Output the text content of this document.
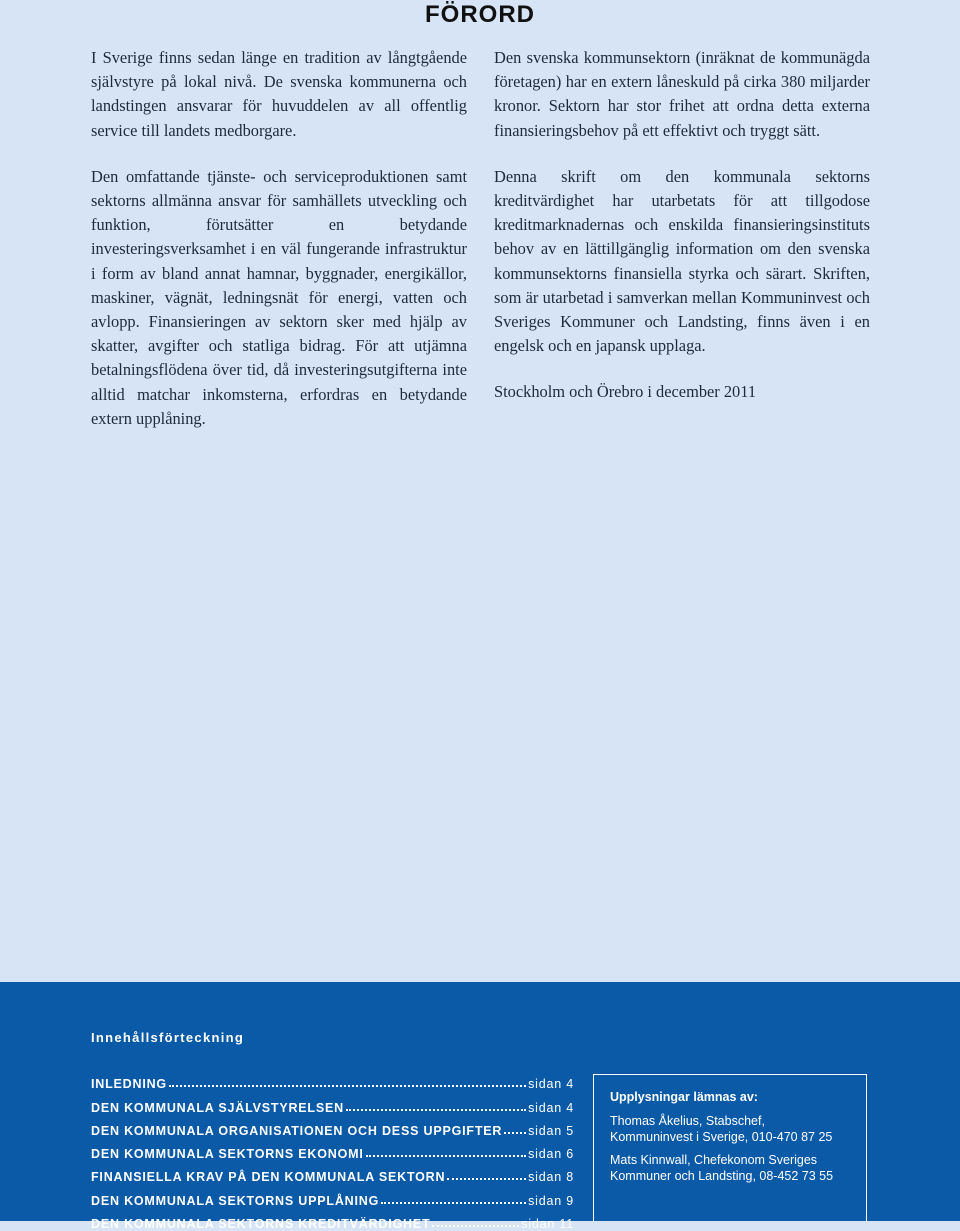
FÖRORD

I Sverige finns sedan länge en tradition av långtgående självstyre på lokal nivå. De svenska kommunerna och landstingen ansvarar för huvuddelen av all offentlig service till landets medborgare.

Den omfattande tjänste- och serviceproduktionen samt sektorns allmänna ansvar för samhällets utveckling och funktion, förutsätter en betydande investeringsverksamhet i en väl fungerande infrastruktur i form av bland annat hamnar, byggnader, energikällor, maskiner, vägnät, ledningsnät för energi, vatten och avlopp. Finansieringen av sektorn sker med hjälp av skatter, avgifter och statliga bidrag. För att utjämna betalningsflödena över tid, då investeringsutgifterna inte alltid matchar inkomsterna, erfordras en betydande extern upplåning.

Den svenska kommunsektorn (inräknat de kommunägda företagen) har en extern låneskuld på cirka 380 miljarder kronor. Sektorn har stor frihet att ordna detta externa finansieringsbehov på ett effektivt och tryggt sätt.

Denna skrift om den kommunala sektorns kreditvärdighet har utarbetats för att tillgodose kreditmarknadernas och enskilda finansieringsinstituts behov av en lättillgänglig information om den svenska kommunsektorns finansiella styrka och särart. Skriften, som är utarbetad i samverkan mellan Kommuninvest och Sveriges Kommuner och Landsting, finns även i en engelsk och en japansk upplaga.

Stockholm och Örebro i december 2011

Innehållsförteckning
INLEDNING	sidan 4
DEN KOMMUNALA SJÄLVSTYRELSEN	sidan 4
DEN KOMMUNALA ORGANISATIONEN OCH DESS UPPGIFTER sidan 5
DEN KOMMUNALA SEKTORNS EKONOMI	sidan 6
FINANSIELLA KRAV PÅ DEN KOMMUNALA SEKTORN	sidan 8
DEN KOMMUNALA SEKTORNS UPPLÅNING	sidan 9
DEN KOMMUNALA SEKTORNS KREDITVÄRDIGHET	sidan 11
Upplysningar lämnas av:
Thomas Åkelius, Stabschef,
Kommuninvest i Sverige, 010-470 87 25
Mats Kinnwall, Chefekonom Sveriges
Kommuner och Landsting, 08-452 73 55
